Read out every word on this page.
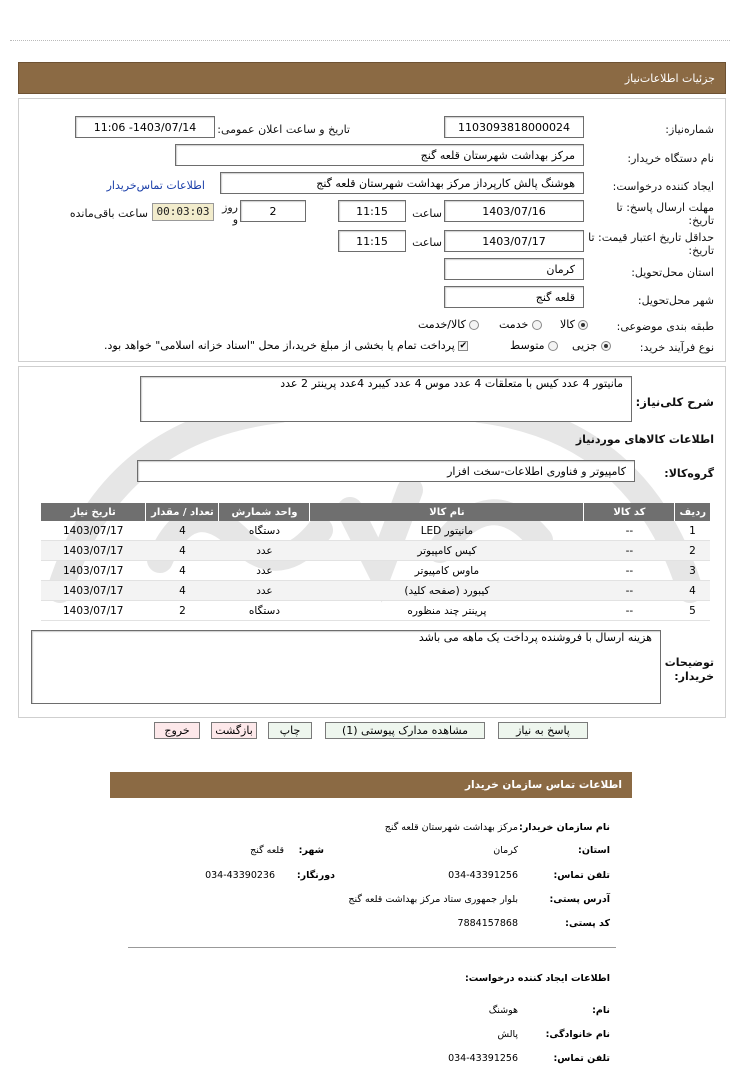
جزئیات اطلاعات‌نیاز
شماره‌نیاز:
1103093818000024
تاریخ و ساعت اعلان عمومی:
1403/07/14- 11:06
نام دستگاه خریدار:
مرکز بهداشت شهرستان قلعه گنج
ایجاد کننده درخواست:
هوشنگ پالش کارپرداز مرکز بهداشت شهرستان قلعه گنج
اطلاعات تماس‌خریدار
مهلت ارسال پاسخ: تا تاریخ:
1403/07/16
ساعت
11:15
2
روز و
00:03:03
ساعت باقی‌مانده
حداقل تاریخ اعتبار قیمت: تا تاریخ:
1403/07/17
ساعت
11:15
استان محل‌تحویل:
کرمان
شهر محل‌تحویل:
قلعه گنج
طبقه بندی موضوعی:
کالا
خدمت
کالا/خدمت
نوع فرآیند خرید:
جزیی
متوسط
✔ پرداخت تمام یا بخشی از مبلغ خرید،از محل "اسناد خزانه اسلامی" خواهد بود.
شرح کلی‌نیاز:
مانیتور 4 عدد کیس با متعلقات 4 عدد موس 4 عدد کیبرد 4عدد پرینتر 2 عدد
اطلاعات کالاهای موردنیاز
گروه‌کالا:
کامپیوتر و فناوری اطلاعات-سخت افزار
ردیف	کد کالا	نام کالا	واحد شمارش	تعداد / مقدار	تاریخ نیاز
1	--	مانیتور LED	دستگاه	4	1403/07/17
2	--	کیس کامپیوتر	عدد	4	1403/07/17
3	--	ماوس کامپیوتر	عدد	4	1403/07/17
4	--	کیبورد (صفحه کلید)	عدد	4	1403/07/17
5	--	پرینتر چند منظوره	دستگاه	2	1403/07/17
توضیحات خریدار:
هزینه ارسال با فروشنده پرداخت یک ماهه می باشد
پاسخ به نیاز
مشاهده مدارک پیوستی (1)
چاپ
بازگشت
خروج
اطلاعات تماس سازمان خریدار
نام سازمان خریدار:
مرکز بهداشت شهرستان قلعه گنج
استان:
کرمان
شهر:
قلعه گنج
تلفن تماس:
034-43391256
دورنگار:
034-43390236
آدرس پستی:
بلوار جمهوری ستاد مرکز بهداشت قلعه گنج
کد پستی:
7884157868
اطلاعات ایجاد کننده درخواست:
نام:
هوشنگ
نام خانوادگی:
پالش
تلفن تماس:
034-43391256
